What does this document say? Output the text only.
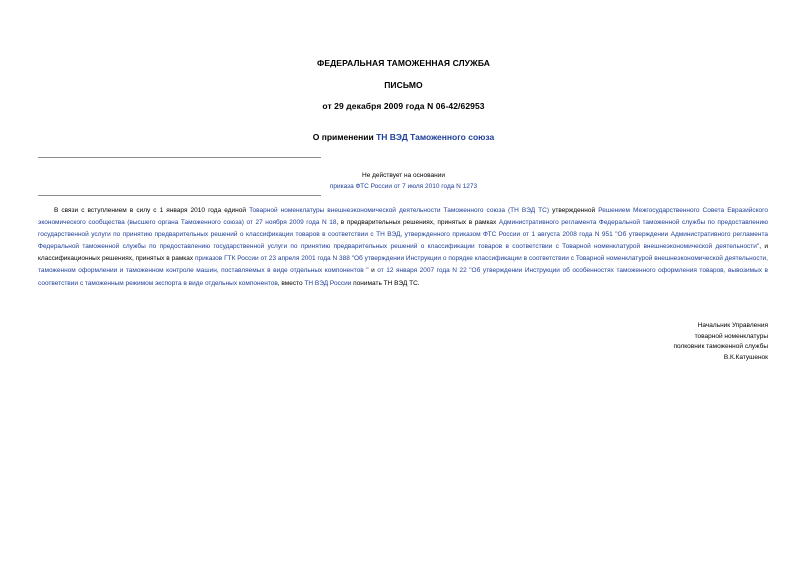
ФЕДЕРАЛЬНАЯ ТАМОЖЕННАЯ СЛУЖБА
ПИСЬМО
от 29 декабря 2009 года N 06-42/62953
О применении ТН ВЭД Таможенного союза
Не действует на основании
приказа ФТС России от 7 июля 2010 года N 1273
В связи с вступлением в силу с 1 января 2010 года единой Товарной номенклатуры внешнеэкономической деятельности Таможенного союза (ТН ВЭД ТС) утвержденной Решением Межгосударственного Совета Евразийского экономического сообщества (высшего органа Таможенного союза) от 27 ноября 2009 года N 18, в предварительных решениях, принятых в рамках Административного регламента Федеральной таможенной службы по предоставлению государственной услуги по принятию предварительных решений о классификации товаров в соответствии с ТН ВЭД, утвержденного приказом ФТС России от 1 августа 2008 года N 951 "Об утверждении Административного регламента Федеральной таможенной службы по предоставлению государственной услуги по принятию предварительных решений о классификации товаров в соответствии с Товарной номенклатурой внешнеэкономической деятельности", и классификационных решениях, принятых в рамках приказов ГТК России от 23 апреля 2001 года N 388 "Об утверждении Инструкции о порядке классификации в соответствии с Товарной номенклатурой внешнеэкономической деятельности, таможенном оформлении и таможенном контроле машин, поставляемых в виде отдельных компонентов " и от 12 января 2007 года N 22 "Об утверждении Инструкции об особенностях таможенного оформления товаров, вывозимых в соответствии с таможенным режимом экспорта в виде отдельных компонентов, вместо ТН ВЭД России понимать ТН ВЭД ТС.
Начальник Управления
товарной номенклатуры
полковник таможенной службы
В.К.Катушенок
